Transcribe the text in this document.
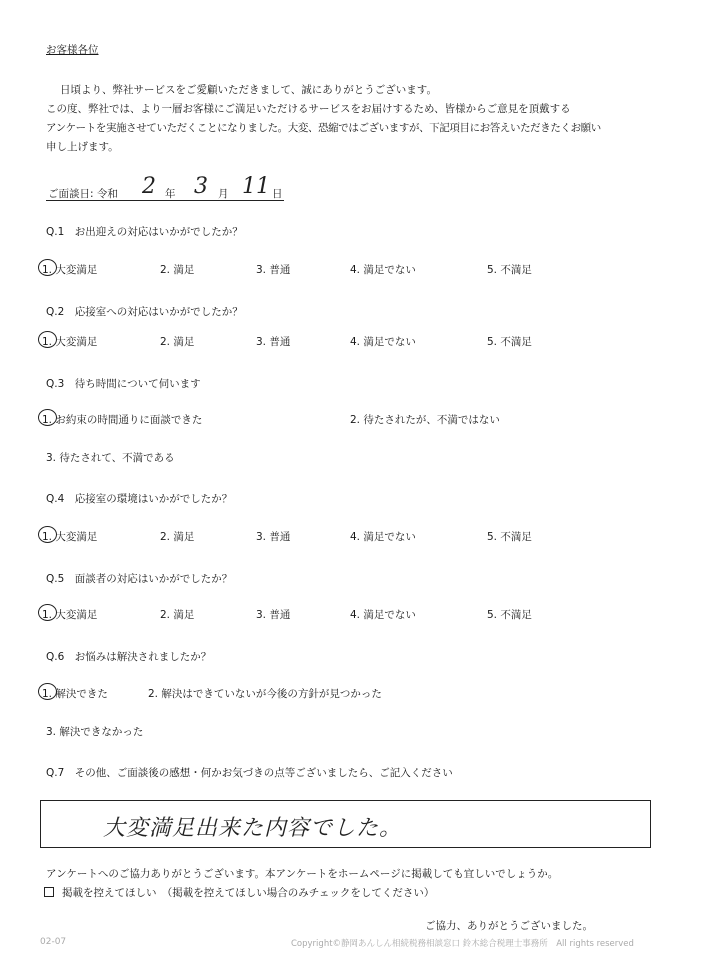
お客様各位
日頃より、弊社サービスをご愛顧いただきまして、誠にありがとうございます。
この度、弊社では、より一層お客様にご満足いただけるサービスをお届けするため、皆様からご意見を頂戴する
アンケートを実施させていただくことになりました。大変、恐縮ではございますが、下記項目にお答えいただきたくお願い
申し上げます。
ご面談日: 令和 2 年 3 月 11 日
Q.1　お出迎えの対応はいかがでしたか？
1. 大変満足	2. 満足	3. 普通	4. 満足でない	5. 不満足
Q.2　応接室への対応はいかがでしたか？
1. 大変満足	2. 満足	3. 普通	4. 満足でない	5. 不満足
Q.3　待ち時間について伺います
1. お約束の時間通りに面談できた	2. 待たされたが、不満ではない
3. 待たされて、不満である
Q.4　応接室の環境はいかがでしたか？
1. 大変満足	2. 満足	3. 普通	4. 満足でない	5. 不満足
Q.5　面談者の対応はいかがでしたか？
1. 大変満足	2. 満足	3. 普通	4. 満足でない	5. 不満足
Q.6　お悩みは解決されましたか？
1. 解決できた	2. 解決はできていないが今後の方針が見つかった
3. 解決できなかった
Q.7　その他、ご面談後の感想・何かお気づきの点等ございましたら、ご記入ください
大変満足出来た内容でした。
アンケートへのご協力ありがとうございます。本アンケートをホームページに掲載しても宜しいでしょうか。
掲載を控えてほしい　（掲載を控えてほしい場合のみチェックをしてください）
ご協力、ありがとうございました。
02-07	Copyright©静岡あんしん相続税務相談窓口 鈴木総合税理士事務所　All rights reserved
